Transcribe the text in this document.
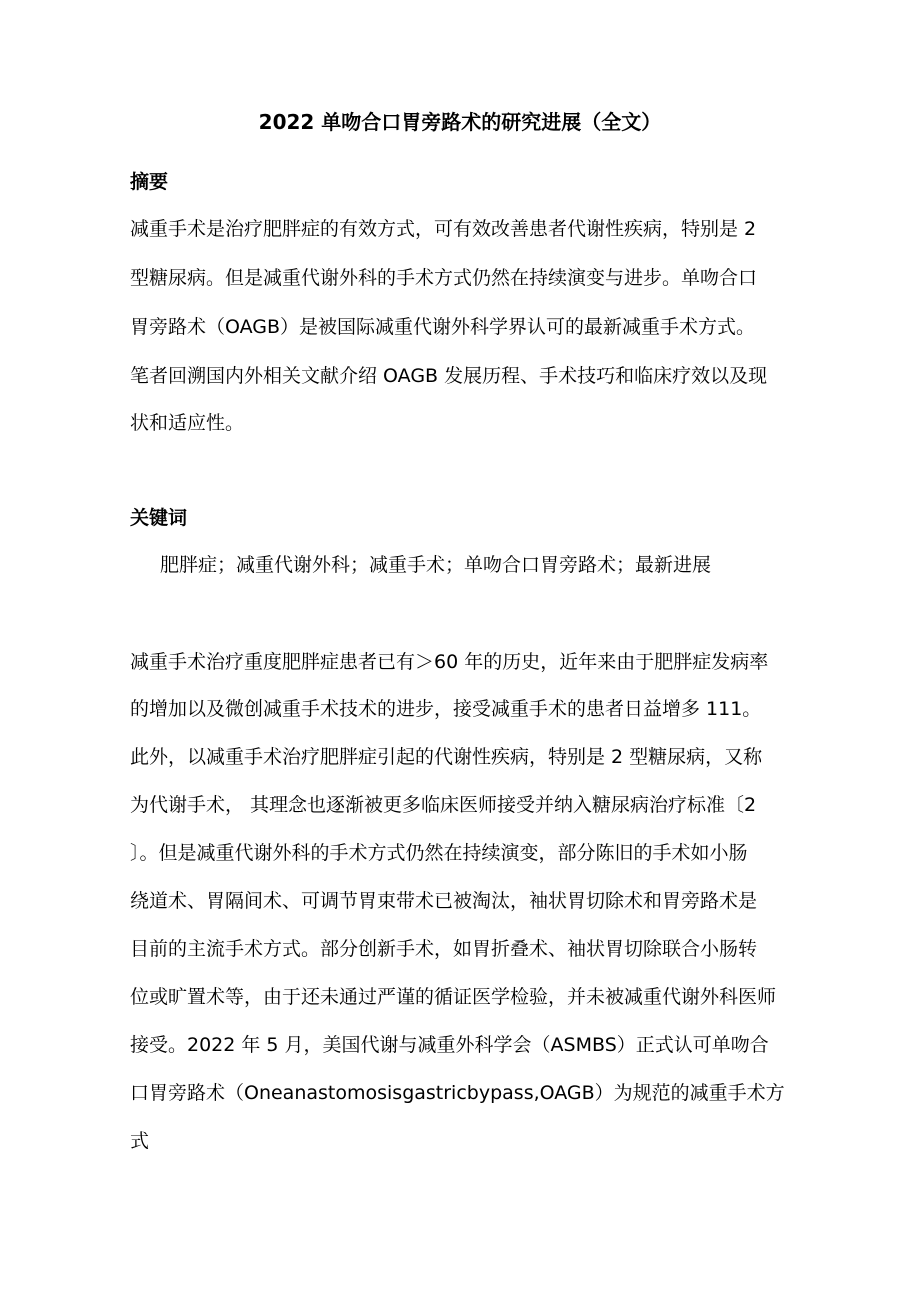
2022 单吻合口胃旁路术的研究进展（全文）
摘要
减重手术是治疗肥胖症的有效方式，可有效改善患者代谢性疾病，特别是 2
型糖尿病。但是减重代谢外科的手术方式仍然在持续演变与进步。单吻合口
胃旁路术（OAGB）是被国际减重代谢外科学界认可的最新减重手术方式。
笔者回溯国内外相关文献介绍 OAGB 发展历程、手术技巧和临床疗效以及现
状和适应性。
关键词
肥胖症；减重代谢外科；减重手术；单吻合口胃旁路术；最新进展
减重手术治疗重度肥胖症患者已有＞60 年的历史，近年来由于肥胖症发病率
的增加以及微创减重手术技术的进步，接受减重手术的患者日益增多 111。
此外，以减重手术治疗肥胖症引起的代谢性疾病，特别是 2 型糖尿病，又称
为代谢手术， 其理念也逐渐被更多临床医师接受并纳入糖尿病治疗标准〔2
〕。但是减重代谢外科的手术方式仍然在持续演变，部分陈旧的手术如小肠
绕道术、胃隔间术、可调节胃束带术已被淘汰，袖状胃切除术和胃旁路术是
目前的主流手术方式。部分创新手术，如胃折叠术、袖状胃切除联合小肠转
位或旷置术等，由于还未通过严谨的循证医学检验，并未被减重代谢外科医师
接受。2022 年 5 月，美国代谢与减重外科学会（ASMBS）正式认可单吻合
口胃旁路术（Oneanastomosisgastricbypass,OAGB）为规范的减重手术方
式
